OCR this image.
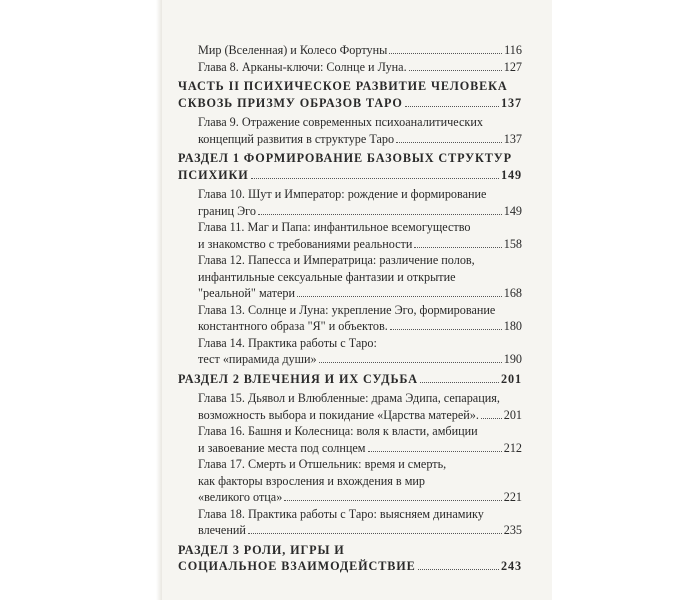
Мир (Вселенная) и Колесо Фортуны	116
Глава 8. Арканы-ключи: Солнце и Луна.	127
ЧАСТЬ II ПСИХИЧЕСКОЕ РАЗВИТИЕ ЧЕЛОВЕКА
СКВОЗЬ ПРИЗМУ ОБРАЗОВ ТАРО	137
Глава 9. Отражение современных психоаналитических
концепций развития в структуре Таро	137
РАЗДЕЛ 1 ФОРМИРОВАНИЕ БАЗОВЫХ СТРУКТУР
ПСИХИКИ	149
Глава 10. Шут и Император: рождение и формирование
границ Эго	149
Глава 11. Маг и Папа: инфантильное всемогущество
и знакомство с требованиями реальности	158
Глава 12. Папесса и Императрица: различение полов,
инфантильные сексуальные фантазии и открытие
"реальной" матери	168
Глава 13. Солнце и Луна: укрепление Эго, формирование
константного образа "Я" и объектов.	180
Глава 14. Практика работы с Таро:
тест «пирамида души»	190
РАЗДЕЛ 2 ВЛЕЧЕНИЯ И ИХ СУДЬБА	201
Глава 15. Дьявол и Влюбленные: драма Эдипа, сепарация,
возможность выбора и покидание «Царства матерей». 201
Глава 16. Башня и Колесница: воля к власти, амбиции
и завоевание места под солнцем	212
Глава 17. Смерть и Отшельник: время и смерть,
как факторы взросления и вхождения в мир
«великого отца»	221
Глава 18. Практика работы с Таро: выясняем динамику
влечений	235
РАЗДЕЛ 3 РОЛИ, ИГРЫ И
СОЦИАЛЬНОЕ ВЗАИМОДЕЙСТВИЕ	243
